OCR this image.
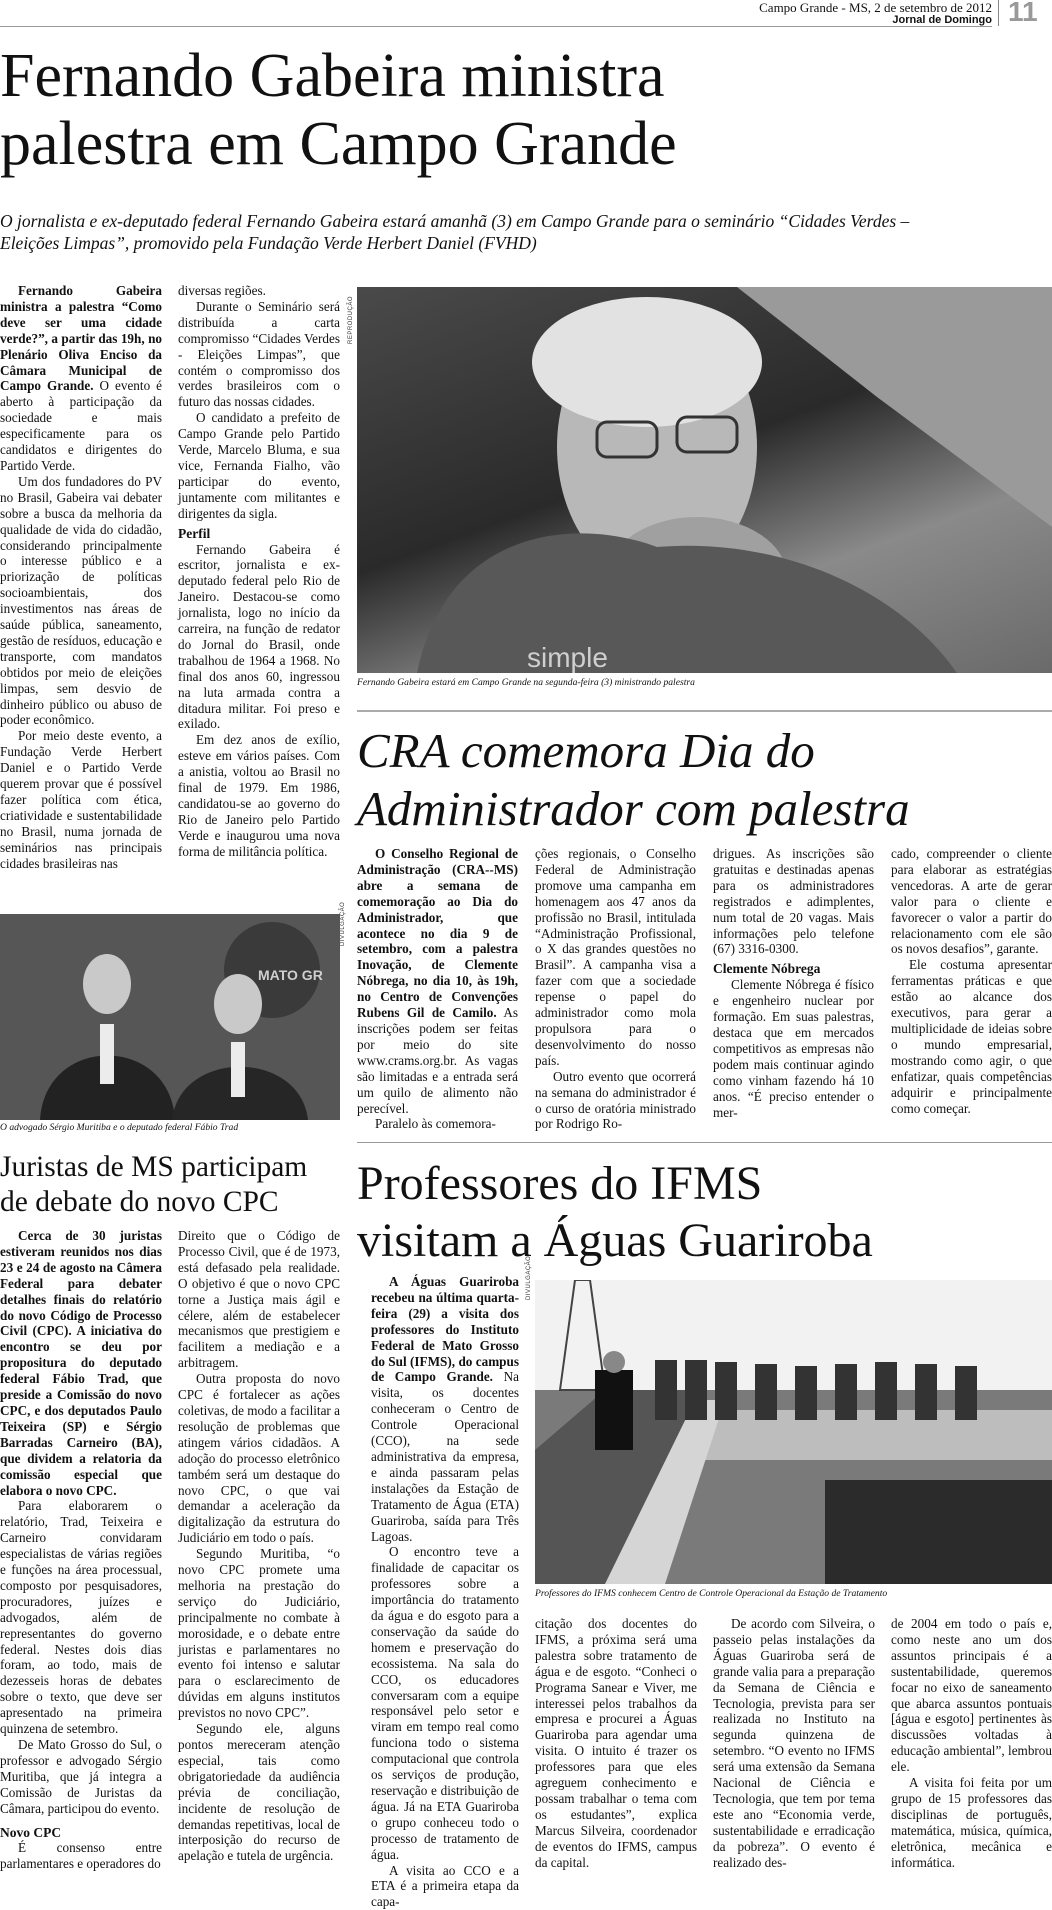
Campo Grande - MS, 2 de setembro de 2012
Jornal de Domingo 11
Fernando Gabeira ministra
palestra em Campo Grande
O jornalista e ex-deputado federal Fernando Gabeira estará amanhã (3) em Campo Grande para o seminário “Cidades Verdes – Eleições Limpas”, promovido pela Fundação Verde Herbert Daniel (FVHD)

Fernando Gabeira ministra a palestra “Como deve ser uma cidade verde?”, a partir das 19h, no Plenário Oliva Enciso da Câmara Municipal de Campo Grande. O evento é aberto à participação da sociedade e mais especificamente para os candidatos e dirigentes do Partido Verde.

Um dos fundadores do PV no Brasil, Gabeira vai debater sobre a busca da melhoria da qualidade de vida do cidadão, considerando principalmente o interesse público e a priorização de políticas socioambientais, dos investimentos nas áreas de saúde pública, saneamento, gestão de resíduos, educação e transporte, com mandatos obtidos por meio de eleições limpas, sem desvio de dinheiro público ou abuso de poder econômico.

Por meio deste evento, a Fundação Verde Herbert Daniel e o Partido Verde querem provar que é possível fazer política com ética, criatividade e sustentabilidade no Brasil, numa jornada de seminários nas principais cidades brasileiras nas

diversas regiões.

Durante o Seminário será distribuída a carta compromisso “Cidades Verdes - Eleições Limpas”, que contém o compromisso dos verdes brasileiros com o futuro das nossas cidades.

O candidato a prefeito de Campo Grande pelo Partido Verde, Marcelo Bluma, e sua vice, Fernanda Fialho, vão participar do evento, juntamente com militantes e dirigentes da sigla.

Perfil

Fernando Gabeira é escritor, jornalista e ex-deputado federal pelo Rio de Janeiro. Destacou-se como jornalista, logo no início da carreira, na função de redator do Jornal do Brasil, onde trabalhou de 1964 a 1968. No final dos anos 60, ingressou na luta armada contra a ditadura militar. Foi preso e exilado.

Em dez anos de exílio, esteve em vários países. Com a anistia, voltou ao Brasil no final de 1979. Em 1986, candidatou-se ao governo do Rio de Janeiro pelo Partido Verde e inaugurou uma nova forma de militância política.

REPRODUÇÃO
simple
Fernando Gabeira estará em Campo Grande na segunda-feira (3) ministrando palestra
DIVULGAÇÃO
MATO GR
O advogado Sérgio Muritiba e o deputado federal Fábio Trad
CRA comemora Dia do
Administrador com palestra

O Conselho Regional de Administração (CRA--MS) abre a semana de comemoração ao Dia do Administrador, que acontece no dia 9 de setembro, com a palestra Inovação, de Clemente Nóbrega, no dia 10, às 19h, no Centro de Convenções Rubens Gil de Camilo. As inscrições podem ser feitas por meio do site www.crams.org.br. As vagas são limitadas e a entrada será um quilo de alimento não perecível.

Paralelo às comemora-

ções regionais, o Conselho Federal de Administração promove uma campanha em homenagem aos 47 anos da profissão no Brasil, intitulada “Administração Profissional, o X das grandes questões no Brasil”. A campanha visa a fazer com que a sociedade repense o papel do administrador como mola propulsora para o desenvolvimento do nosso país.

Outro evento que ocorrerá na semana do administrador é o curso de oratória ministrado por Rodrigo Ro-

drigues. As inscrições são gratuitas e destinadas apenas para os administradores registrados e adimplentes, num total de 20 vagas. Mais informações pelo telefone (67) 3316-0300.

Clemente Nóbrega

Clemente Nóbrega é físico e engenheiro nuclear por formação. Em suas palestras, destaca que em mercados competitivos as empresas não podem mais continuar agindo como vinham fazendo há 10 anos. “É preciso entender o mer-

cado, compreender o cliente para elaborar as estratégias vencedoras. A arte de gerar valor para o cliente e favorecer o valor a partir do relacionamento com ele são os novos desafios”, garante.

Ele costuma apresentar ferramentas práticas e que estão ao alcance dos executivos, para gerar a multiplicidade de ideias sobre o mundo empresarial, mostrando como agir, o que enfatizar, quais competências adquirir e principalmente como começar.

Juristas de MS participam
de debate do novo CPC

Cerca de 30 juristas estiveram reunidos nos dias 23 e 24 de agosto na Câmera Federal para debater detalhes finais do relatório do novo Código de Processo Civil (CPC). A iniciativa do encontro se deu por propositura do deputado federal Fábio Trad, que preside a Comissão do novo CPC, e dos deputados Paulo Teixeira (SP) e Sérgio Barradas Carneiro (BA), que dividem a relatoria da comissão especial que elabora o novo CPC.

Para elaborarem o relatório, Trad, Teixeira e Carneiro convidaram especialistas de várias regiões e funções na área processual, composto por pesquisadores, procuradores, juízes e advogados, além de representantes do governo federal. Nestes dois dias foram, ao todo, mais de dezesseis horas de debates sobre o texto, que deve ser apresentado na primeira quinzena de setembro.

De Mato Grosso do Sul, o professor e advogado Sérgio Muritiba, que já integra a Comissão de Juristas da Câmara, participou do evento.

Novo CPC

É consenso entre parlamentares e operadores do

Direito que o Código de Processo Civil, que é de 1973, está defasado pela realidade. O objetivo é que o novo CPC torne a Justiça mais ágil e célere, além de estabelecer mecanismos que prestigiem e facilitem a mediação e a arbitragem.

Outra proposta do novo CPC é fortalecer as ações coletivas, de modo a facilitar a resolução de problemas que atingem vários cidadãos. A adoção do processo eletrônico também será um destaque do novo CPC, o que vai demandar a aceleração da digitalização da estrutura do Judiciário em todo o país.

Segundo Muritiba, “o novo CPC promete uma melhoria na prestação do serviço do Judiciário, principalmente no combate à morosidade, e o debate entre juristas e parlamentares no evento foi intenso e salutar para o esclarecimento de dúvidas em alguns institutos previstos no novo CPC”.

Segundo ele, alguns pontos mereceram atenção especial, tais como obrigatoriedade da audiência prévia de conciliação, incidente de resolução de demandas repetitivas, local de interposição do recurso de apelação e tutela de urgência.

Professores do IFMS
visitam a Águas Guariroba

A Águas Guariroba recebeu na última quarta-feira (29) a visita dos professores do Instituto Federal de Mato Grosso do Sul (IFMS), do campus de Campo Grande. Na visita, os docentes conheceram o Centro de Controle Operacional (CCO), na sede administrativa da empresa, e ainda passaram pelas instalações da Estação de Tratamento de Água (ETA) Guariroba, saída para Três Lagoas.

O encontro teve a finalidade de capacitar os professores sobre a importância do tratamento da água e do esgoto para a conservação da saúde do homem e preservação do ecossistema. Na sala do CCO, os educadores conversaram com a equipe responsável pelo setor e viram em tempo real como funciona todo o sistema computacional que controla os serviços de produção, reservação e distribuição de água. Já na ETA Guariroba o grupo conheceu todo o processo de tratamento de água.

A visita ao CCO e a ETA é a primeira etapa da capa-

DIVULGAÇÃO
Professores do IFMS conhecem Centro de Controle Operacional da Estação de Tratamento

citação dos docentes do IFMS, a próxima será uma palestra sobre tratamento de água e de esgoto. “Conheci o Programa Sanear e Viver, me interessei pelos trabalhos da empresa e procurei a Águas Guariroba para agendar uma visita. O intuito é trazer os professores para que eles agreguem conhecimento e possam trabalhar o tema com os estudantes”, explica Marcus Silveira, coordenador de eventos do IFMS, campus da capital.

De acordo com Silveira, o passeio pelas instalações da Águas Guariroba será de grande valia para a preparação da Semana de Ciência e Tecnologia, prevista para ser realizada no Instituto na segunda quinzena de setembro. “O evento no IFMS será uma extensão da Semana Nacional de Ciência e Tecnologia, que tem por tema este ano “Economia verde, sustentabilidade e erradicação da pobreza”. O evento é realizado des-

de 2004 em todo o país e, como neste ano um dos assuntos principais é a sustentabilidade, queremos focar no eixo de saneamento que abarca assuntos pontuais [água e esgoto] pertinentes às discussões voltadas à educação ambiental”, lembrou ele.

A visita foi feita por um grupo de 15 professores das disciplinas de português, matemática, música, química, eletrônica, mecânica e informática.
